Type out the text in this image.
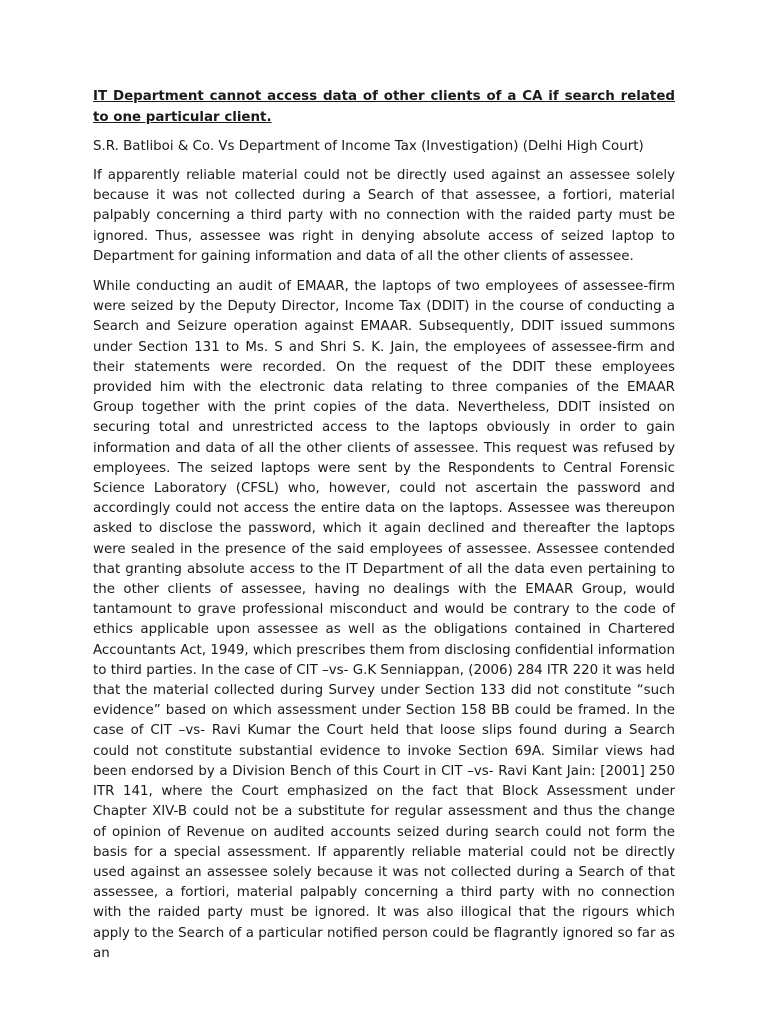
IT Department cannot access data of other clients of a CA if search related to one particular client.

S.R. Batliboi & Co. Vs Department of Income Tax (Investigation) (Delhi High Court)

If apparently reliable material could not be directly used against an assessee solely because it was not collected during a Search of that assessee, a fortiori, material palpably concerning a third party with no connection with the raided party must be ignored. Thus, assessee was right in denying absolute access of seized laptop to Department for gaining information and data of all the other clients of assessee.

While conducting an audit of EMAAR, the laptops of two employees of assessee-firm were seized by the Deputy Director, Income Tax (DDIT) in the course of conducting a Search and Seizure operation against EMAAR. Subsequently, DDIT issued summons under Section 131 to Ms. S and Shri S. K. Jain, the employees of assessee-firm and their statements were recorded. On the request of the DDIT these employees provided him with the electronic data relating to three companies of the EMAAR Group together with the print copies of the data. Nevertheless, DDIT insisted on securing total and unrestricted access to the laptops obviously in order to gain information and data of all the other clients of assessee. This request was refused by employees. The seized laptops were sent by the Respondents to Central Forensic Science Laboratory (CFSL) who, however, could not ascertain the password and accordingly could not access the entire data on the laptops. Assessee was thereupon asked to disclose the password, which it again declined and thereafter the laptops were sealed in the presence of the said employees of assessee. Assessee contended that granting absolute access to the IT Department of all the data even pertaining to the other clients of assessee, having no dealings with the EMAAR Group, would tantamount to grave professional misconduct and would be contrary to the code of ethics applicable upon assessee as well as the obligations contained in Chartered Accountants Act, 1949, which prescribes them from disclosing confidential information to third parties. In the case of CIT –vs- G.K Senniappan, (2006) 284 ITR 220 it was held that the material collected during Survey under Section 133 did not constitute “such evidence” based on which assessment under Section 158 BB could be framed. In the case of CIT –vs- Ravi Kumar the Court held that loose slips found during a Search could not constitute substantial evidence to invoke Section 69A. Similar views had been endorsed by a Division Bench of this Court in CIT –vs- Ravi Kant Jain: [2001] 250 ITR 141, where the Court emphasized on the fact that Block Assessment under Chapter XIV-B could not be a substitute for regular assessment and thus the change of opinion of Revenue on audited accounts seized during search could not form the basis for a special assessment. If apparently reliable material could not be directly used against an assessee solely because it was not collected during a Search of that assessee, a fortiori, material palpably concerning a third party with no connection with the raided party must be ignored. It was also illogical that the rigours which apply to the Search of a particular notified person could be flagrantly ignored so far as an
